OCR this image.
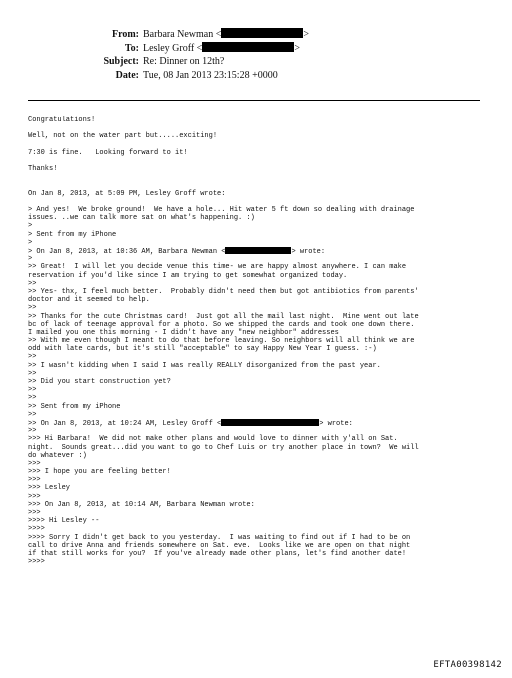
From: Barbara Newman <	>
To: Lesley Groff <	>
Subject: Re: Dinner on 12th?
Date: Tue, 08 Jan 2013 23:15:28 +0000
Congratulations!
Well, not on the water part but.....exciting!
7:30 is fine.   Looking forward to it!
Thanks!
On Jan 8, 2013, at 5:09 PM, Lesley Groff wrote:
> And yes!  We broke ground!  We have a hole... Hit water 5 ft down so dealing with drainage
issues. ..we can talk more sat on what's happening. :)
>
> Sent from my iPhone
>
> On Jan 8, 2013, at 10:36 AM, Barbara Newman <	> wrote:
>
>> Great!  I will let you decide venue this time- we are happy almost anywhere. I can make
reservation if you'd like since I am trying to get somewhat organized today.
>>
>> Yes- thx, I feel much better.  Probably didn't need them but got antibiotics from parents'
doctor and it seemed to help.
>>
>> Thanks for the cute Christmas card!  Just got all the mail last night.  Mine went out late
bc of lack of teenage approval for a photo. So we shipped the cards and took one down there.
I mailed you one this morning - I didn't have any "new neighbor" addresses
>> With me even though I meant to do that before leaving. So neighbors will all think we are
odd with late cards, but it's still "acceptable" to say Happy New Year I guess. :-)
>>
>> I wasn't kidding when I said I was really REALLY disorganized from the past year.
>>
>> Did you start construction yet?
>>
>>
>> Sent from my iPhone
>>
>> On Jan 8, 2013, at 10:24 AM, Lesley Groff <	> wrote:
>>
>>> Hi Barbara!  We did not make other plans and would love to dinner with y'all on Sat.
night.  Sounds great...did you want to go to Chef Luis or try another place in town?  We will
do whatever :)
>>>
>>> I hope you are feeling better!
>>>
>>> Lesley
>>>
>>> On Jan 8, 2013, at 10:14 AM, Barbara Newman wrote:
>>>
>>>> Hi Lesley --
>>>>
>>>> Sorry I didn't get back to you yesterday.  I was waiting to find out if I had to be on
call to drive Anna and friends somewhere on Sat. eve.  Looks like we are open on that night
if that still works for you?  If you've already made other plans, let's find another date!
>>>>
EFTA00398142
